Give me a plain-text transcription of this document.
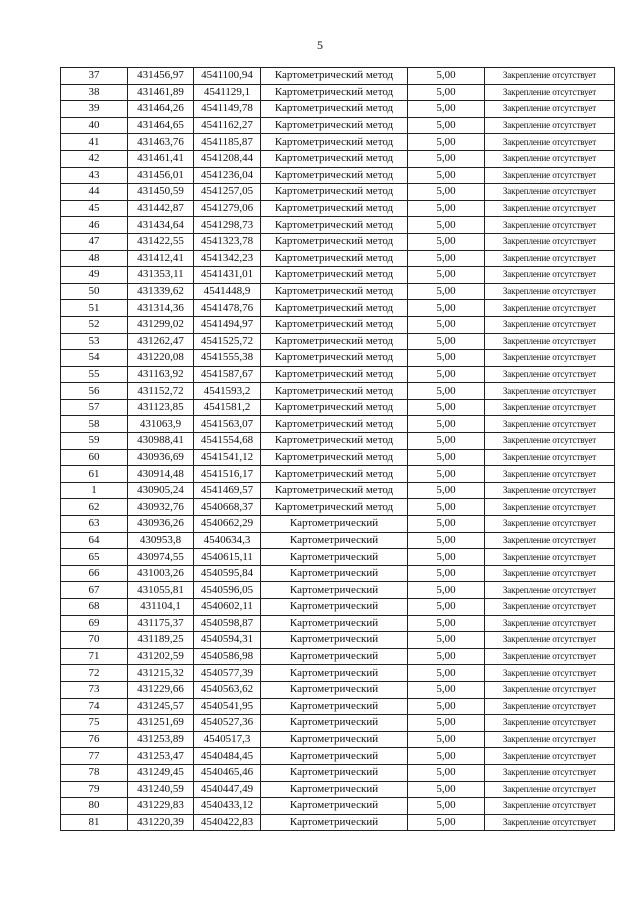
5
37	431456,97	4541100,94	Картометрический метод	5,00	Закрепление отсутствует
38	431461,89	4541129,1	Картометрический метод	5,00	Закрепление отсутствует
39	431464,26	4541149,78	Картометрический метод	5,00	Закрепление отсутствует
40	431464,65	4541162,27	Картометрический метод	5,00	Закрепление отсутствует
41	431463,76	4541185,87	Картометрический метод	5,00	Закрепление отсутствует
42	431461,41	4541208,44	Картометрический метод	5,00	Закрепление отсутствует
43	431456,01	4541236,04	Картометрический метод	5,00	Закрепление отсутствует
44	431450,59	4541257,05	Картометрический метод	5,00	Закрепление отсутствует
45	431442,87	4541279,06	Картометрический метод	5,00	Закрепление отсутствует
46	431434,64	4541298,73	Картометрический метод	5,00	Закрепление отсутствует
47	431422,55	4541323,78	Картометрический метод	5,00	Закрепление отсутствует
48	431412,41	4541342,23	Картометрический метод	5,00	Закрепление отсутствует
49	431353,11	4541431,01	Картометрический метод	5,00	Закрепление отсутствует
50	431339,62	4541448,9	Картометрический метод	5,00	Закрепление отсутствует
51	431314,36	4541478,76	Картометрический метод	5,00	Закрепление отсутствует
52	431299,02	4541494,97	Картометрический метод	5,00	Закрепление отсутствует
53	431262,47	4541525,72	Картометрический метод	5,00	Закрепление отсутствует
54	431220,08	4541555,38	Картометрический метод	5,00	Закрепление отсутствует
55	431163,92	4541587,67	Картометрический метод	5,00	Закрепление отсутствует
56	431152,72	4541593,2	Картометрический метод	5,00	Закрепление отсутствует
57	431123,85	4541581,2	Картометрический метод	5,00	Закрепление отсутствует
58	431063,9	4541563,07	Картометрический метод	5,00	Закрепление отсутствует
59	430988,41	4541554,68	Картометрический метод	5,00	Закрепление отсутствует
60	430936,69	4541541,12	Картометрический метод	5,00	Закрепление отсутствует
61	430914,48	4541516,17	Картометрический метод	5,00	Закрепление отсутствует
1	430905,24	4541469,57	Картометрический метод	5,00	Закрепление отсутствует
62	430932,76	4540668,37	Картометрический метод	5,00	Закрепление отсутствует
63	430936,26	4540662,29	Картометрический	5,00	Закрепление отсутствует
64	430953,8	4540634,3	Картометрический	5,00	Закрепление отсутствует
65	430974,55	4540615,11	Картометрический	5,00	Закрепление отсутствует
66	431003,26	4540595,84	Картометрический	5,00	Закрепление отсутствует
67	431055,81	4540596,05	Картометрический	5,00	Закрепление отсутствует
68	431104,1	4540602,11	Картометрический	5,00	Закрепление отсутствует
69	431175,37	4540598,87	Картометрический	5,00	Закрепление отсутствует
70	431189,25	4540594,31	Картометрический	5,00	Закрепление отсутствует
71	431202,59	4540586,98	Картометрический	5,00	Закрепление отсутствует
72	431215,32	4540577,39	Картометрический	5,00	Закрепление отсутствует
73	431229,66	4540563,62	Картометрический	5,00	Закрепление отсутствует
74	431245,57	4540541,95	Картометрический	5,00	Закрепление отсутствует
75	431251,69	4540527,36	Картометрический	5,00	Закрепление отсутствует
76	431253,89	4540517,3	Картометрический	5,00	Закрепление отсутствует
77	431253,47	4540484,45	Картометрический	5,00	Закрепление отсутствует
78	431249,45	4540465,46	Картометрический	5,00	Закрепление отсутствует
79	431240,59	4540447,49	Картометрический	5,00	Закрепление отсутствует
80	431229,83	4540433,12	Картометрический	5,00	Закрепление отсутствует
81	431220,39	4540422,83	Картометрический	5,00	Закрепление отсутствует
